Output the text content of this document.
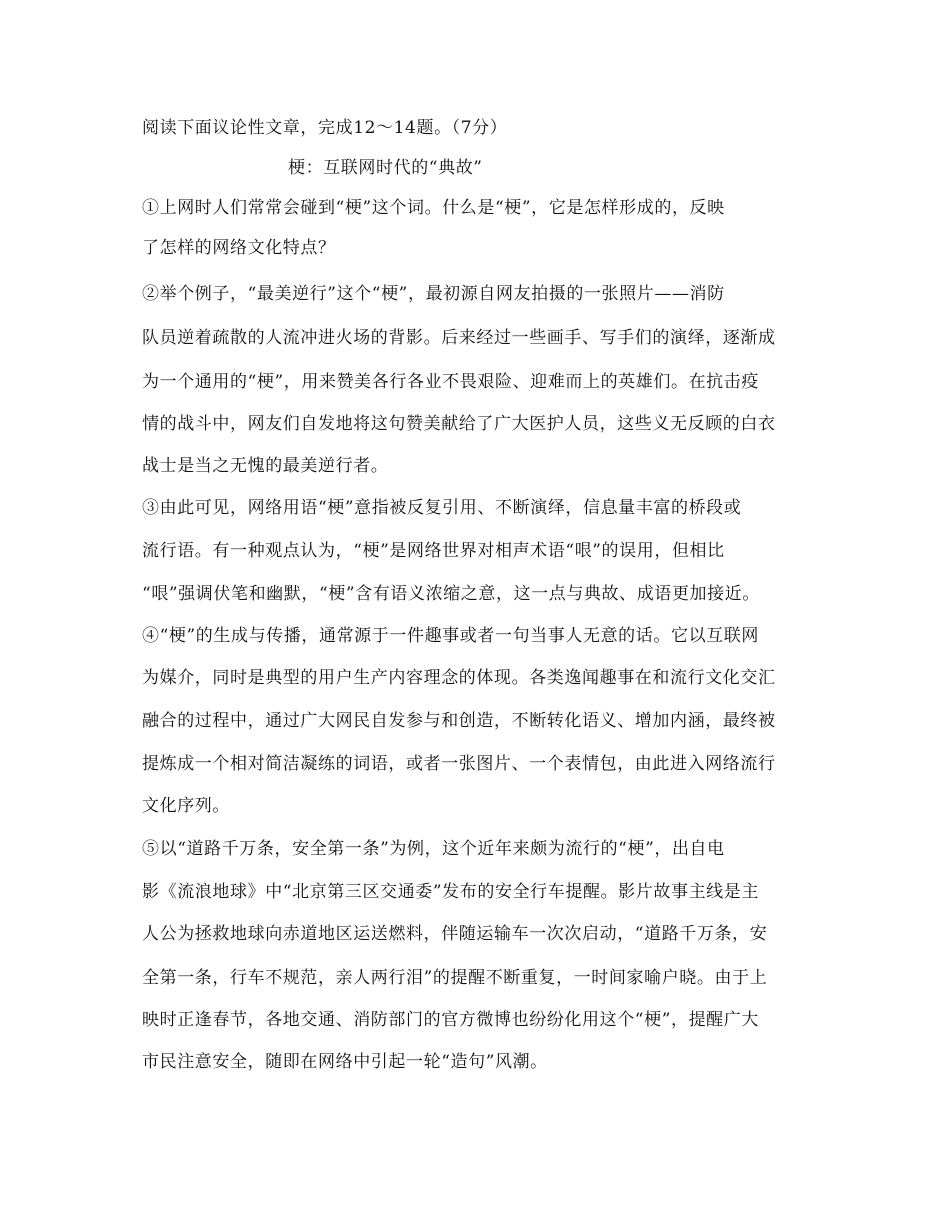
阅读下面议论性文章，完成12～14题。（7分）
梗：互联网时代的“典故”
①上网时人们常常会碰到“梗”这个词。什么是“梗”，它是怎样形成的，反映
了怎样的网络文化特点？
②举个例子，“最美逆行”这个“梗”，最初源自网友拍摄的一张照片——消防
队员逆着疏散的人流冲进火场的背影。后来经过一些画手、写手们的演绎，逐渐成
为一个通用的“梗”，用来赞美各行各业不畏艰险、迎难而上的英雄们。在抗击疫
情的战斗中，网友们自发地将这句赞美献给了广大医护人员，这些义无反顾的白衣
战士是当之无愧的最美逆行者。
③由此可见，网络用语“梗”意指被反复引用、不断演绎，信息量丰富的桥段或
流行语。有一种观点认为，“梗”是网络世界对相声术语“哏”的误用，但相比
“哏”强调伏笔和幽默，“梗”含有语义浓缩之意，这一点与典故、成语更加接近。
④“梗”的生成与传播，通常源于一件趣事或者一句当事人无意的话。它以互联网
为媒介，同时是典型的用户生产内容理念的体现。各类逸闻趣事在和流行文化交汇
融合的过程中，通过广大网民自发参与和创造，不断转化语义、增加内涵，最终被
提炼成一个相对简洁凝练的词语，或者一张图片、一个表情包，由此进入网络流行
文化序列。
⑤以“道路千万条，安全第一条”为例，这个近年来颇为流行的“梗”，出自电
影《流浪地球》中“北京第三区交通委”发布的安全行车提醒。影片故事主线是主
人公为拯救地球向赤道地区运送燃料，伴随运输车一次次启动，“道路千万条，安
全第一条，行车不规范，亲人两行泪”的提醒不断重复，一时间家喻户晓。由于上
映时正逢春节，各地交通、消防部门的官方微博也纷纷化用这个“梗”，提醒广大
市民注意安全，随即在网络中引起一轮“造句”风潮。
